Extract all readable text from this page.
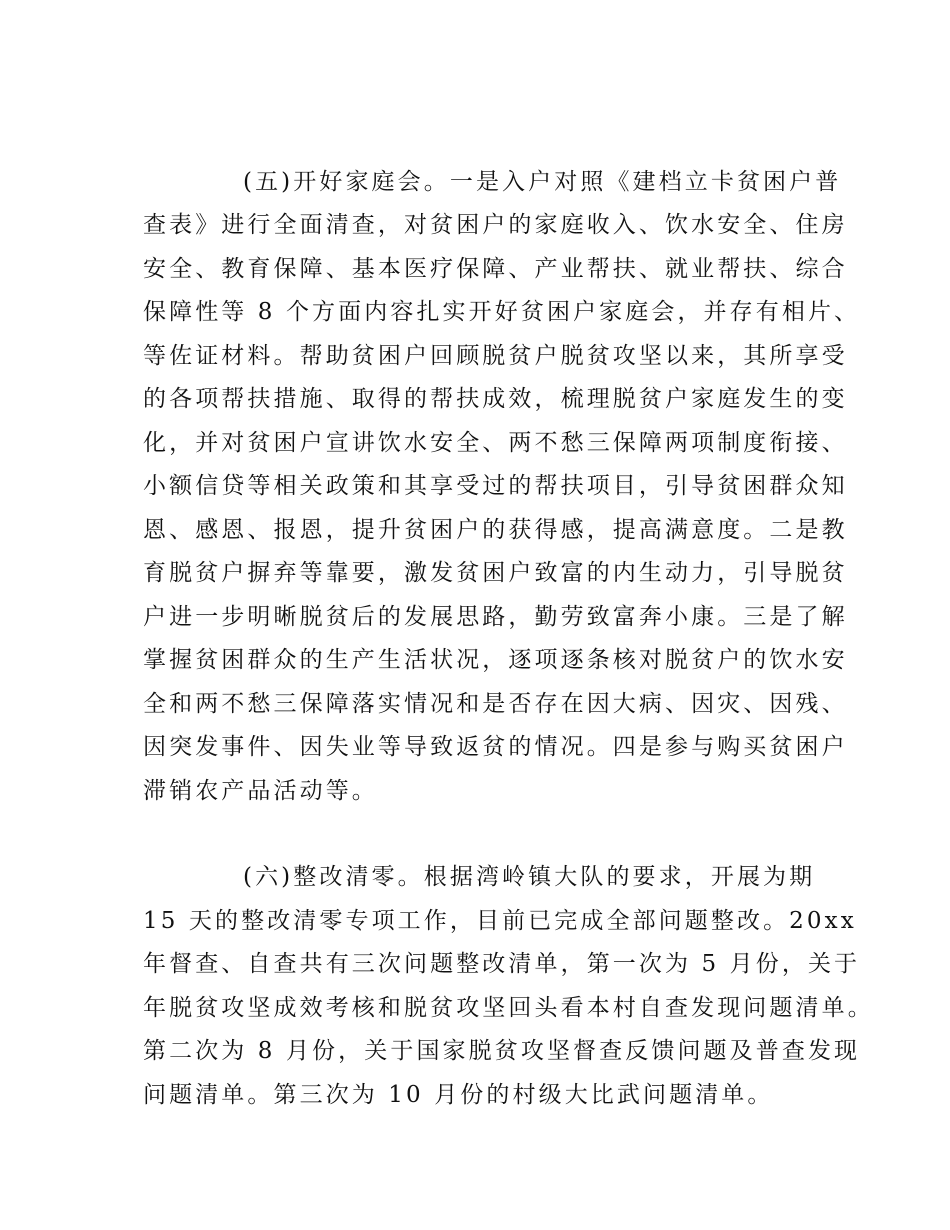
(五)开好家庭会。一是入户对照《建档立卡贫困户普

查表》进行全面清查，对贫困户的家庭收入、饮水安全、住房

安全、教育保障、基本医疗保障、产业帮扶、就业帮扶、综合

保障性等 8 个方面内容扎实开好贫困户家庭会，并存有相片、

等佐证材料。帮助贫困户回顾脱贫户脱贫攻坚以来，其所享受

的各项帮扶措施、取得的帮扶成效，梳理脱贫户家庭发生的变

化，并对贫困户宣讲饮水安全、两不愁三保障两项制度衔接、

小额信贷等相关政策和其享受过的帮扶项目，引导贫困群众知

恩、感恩、报恩，提升贫困户的获得感，提高满意度。二是教

育脱贫户摒弃等靠要，激发贫困户致富的内生动力，引导脱贫

户进一步明晰脱贫后的发展思路，勤劳致富奔小康。三是了解

掌握贫困群众的生产生活状况，逐项逐条核对脱贫户的饮水安

全和两不愁三保障落实情况和是否存在因大病、因灾、因残、

因突发事件、因失业等导致返贫的情况。四是参与购买贫困户

滞销农产品活动等。

(六)整改清零。根据湾岭镇大队的要求，开展为期

15 天的整改清零专项工作，目前已完成全部问题整改。20xx

年督查、自查共有三次问题整改清单，第一次为 5 月份，关于

年脱贫攻坚成效考核和脱贫攻坚回头看本村自查发现问题清单。

第二次为 8 月份，关于国家脱贫攻坚督查反馈问题及普查发现

问题清单。第三次为 10 月份的村级大比武问题清单。
